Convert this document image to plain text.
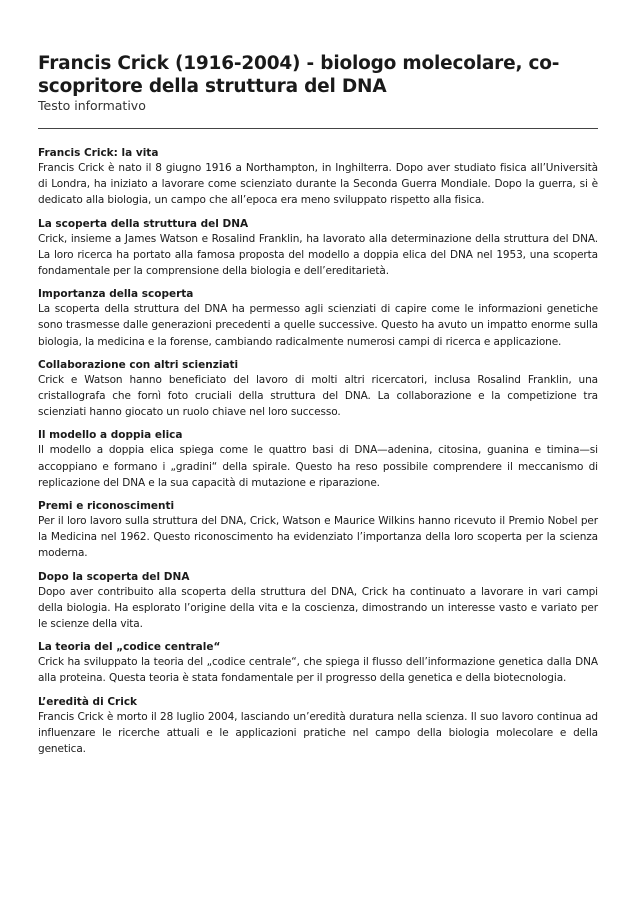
Francis Crick (1916-2004) - biologo molecolare, co-scopritore della struttura del DNA

Testo informativo

Francis Crick: la vita

Francis Crick è nato il 8 giugno 1916 a Northampton, in Inghilterra. Dopo aver studiato fisica all’Università di Londra, ha iniziato a lavorare come scienziato durante la Seconda Guerra Mondiale. Dopo la guerra, si è dedicato alla biologia, un campo che all’epoca era meno sviluppato rispetto alla fisica.

La scoperta della struttura del DNA

Crick, insieme a James Watson e Rosalind Franklin, ha lavorato alla determinazione della struttura del DNA. La loro ricerca ha portato alla famosa proposta del modello a doppia elica del DNA nel 1953, una scoperta fondamentale per la comprensione della biologia e dell’ereditarietà.

Importanza della scoperta

La scoperta della struttura del DNA ha permesso agli scienziati di capire come le informazioni genetiche sono trasmesse dalle generazioni precedenti a quelle successive. Questo ha avuto un impatto enorme sulla biologia, la medicina e la forense, cambiando radicalmente numerosi campi di ricerca e applicazione.

Collaborazione con altri scienziati

Crick e Watson hanno beneficiato del lavoro di molti altri ricercatori, inclusa Rosalind Franklin, una cristallografa che fornì foto cruciali della struttura del DNA. La collaborazione e la competizione tra scienziati hanno giocato un ruolo chiave nel loro successo.

Il modello a doppia elica

Il modello a doppia elica spiega come le quattro basi di DNA—adenina, citosina, guanina e timina—si accoppiano e formano i „gradini“ della spirale. Questo ha reso possibile comprendere il meccanismo di replicazione del DNA e la sua capacità di mutazione e riparazione.

Premi e riconoscimenti

Per il loro lavoro sulla struttura del DNA, Crick, Watson e Maurice Wilkins hanno ricevuto il Premio Nobel per la Medicina nel 1962. Questo riconoscimento ha evidenziato l’importanza della loro scoperta per la scienza moderna.

Dopo la scoperta del DNA

Dopo aver contribuito alla scoperta della struttura del DNA, Crick ha continuato a lavorare in vari campi della biologia. Ha esplorato l’origine della vita e la coscienza, dimostrando un interesse vasto e variato per le scienze della vita.

La teoria del „codice centrale“

Crick ha sviluppato la teoria del „codice centrale“, che spiega il flusso dell’informazione genetica dalla DNA alla proteina. Questa teoria è stata fondamentale per il progresso della genetica e della biotecnologia.

L’eredità di Crick

Francis Crick è morto il 28 luglio 2004, lasciando un’eredità duratura nella scienza. Il suo lavoro continua ad influenzare le ricerche attuali e le applicazioni pratiche nel campo della biologia molecolare e della genetica.
